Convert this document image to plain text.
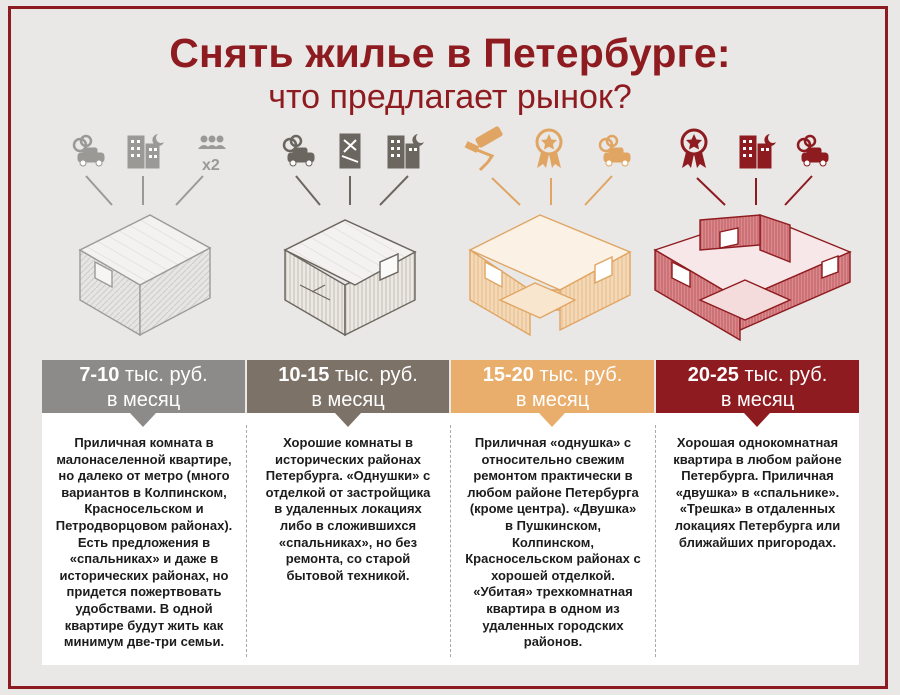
Снять жилье в Петербурге:
что предлагает рынок?
x2
7-10 тыс. руб.
в месяц
10-15 тыс. руб.
в месяц
15-20 тыс. руб.
в месяц
20-25 тыс. руб.
в месяц
Приличная комната в
малонаселенной квартире,
но далеко от метро (много
вариантов в Колпинском,
Красносельском и
Петродворцовом районах).
Есть предложения в
«спальниках» и даже в
исторических районах, но
придется пожертвовать
удобствами. В одной
квартире будут жить как
минимум две-три семьи.
Хорошие комнаты в
исторических районах
Петербурга. «Однушки» с
отделкой от застройщика
в удаленных локациях
либо в сложившихся
«спальниках», но без
ремонта, со старой
бытовой техникой.
Приличная «однушка» с
относительно свежим
ремонтом практически в
любом районе Петербурга
(кроме центра). «Двушка»
в Пушкинском,
Колпинском,
Красносельском районах с
хорошей отделкой.
«Убитая» трехкомнатная
квартира в одном из
удаленных городских
районов.
Хорошая однокомнатная
квартира в любом районе
Петербурга. Приличная
«двушка» в «спальнике».
«Трешка» в отдаленных
локациях Петербурга или
ближайших пригородах.
